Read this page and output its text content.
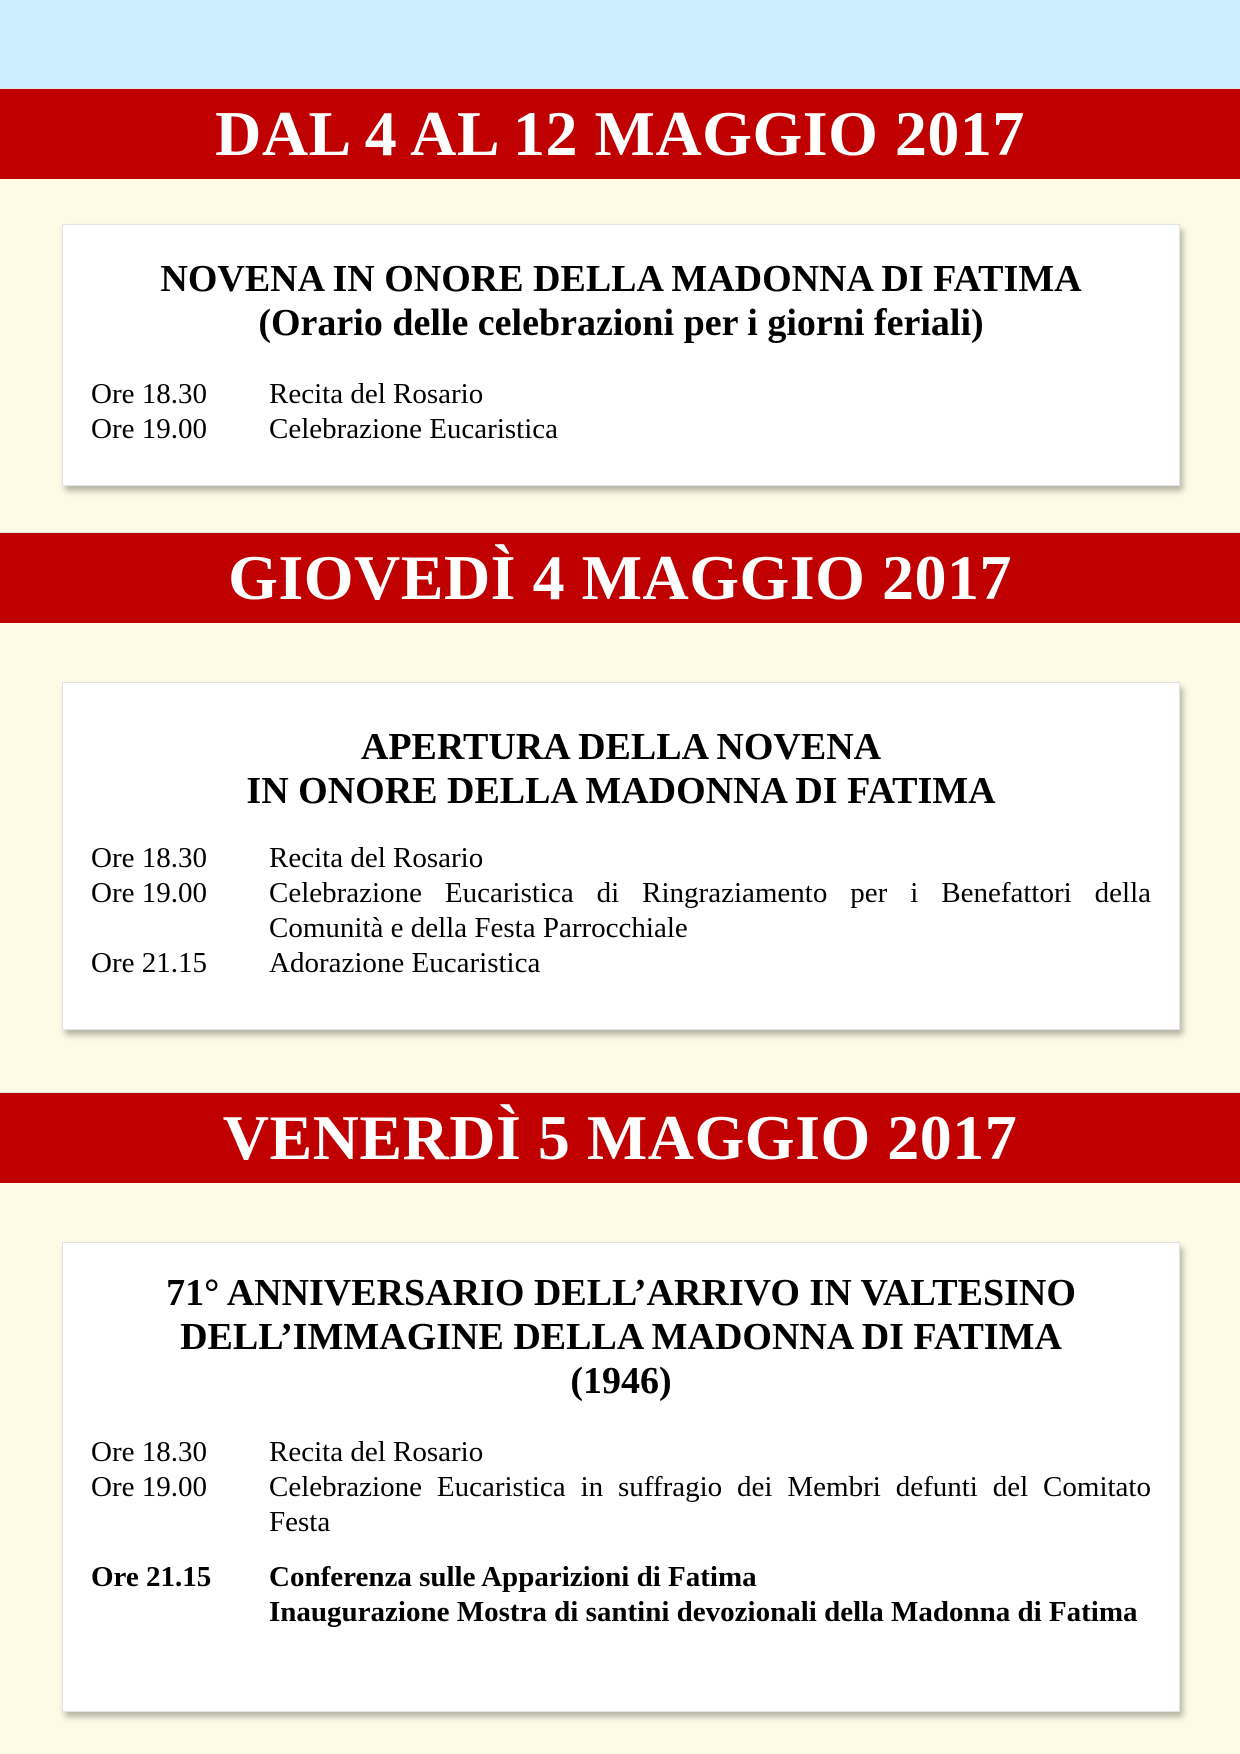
DAL 4 AL 12 MAGGIO 2017
NOVENA IN ONORE DELLA MADONNA DI FATIMA
(Orario delle celebrazioni per i giorni feriali)
Ore 18.30	Recita del Rosario
Ore 19.00	Celebrazione Eucaristica
GIOVEDÌ 4 MAGGIO 2017
APERTURA DELLA NOVENA
IN ONORE DELLA MADONNA DI FATIMA
Ore 18.30	Recita del Rosario
Ore 19.00	Celebrazione Eucaristica di Ringraziamento per i Benefattori della Comunità e della Festa Parrocchiale
Ore 21.15	Adorazione Eucaristica
VENERDÌ 5 MAGGIO 2017
71° ANNIVERSARIO DELL’ARRIVO IN VALTESINO
DELL’IMMAGINE DELLA MADONNA DI FATIMA
(1946)
Ore 18.30	Recita del Rosario
Ore 19.00	Celebrazione Eucaristica in suffragio dei Membri defunti del Comitato Festa
Ore 21.15	Conferenza sulle Apparizioni di Fatima
Inaugurazione Mostra di santini devozionali della Madonna di Fatima
